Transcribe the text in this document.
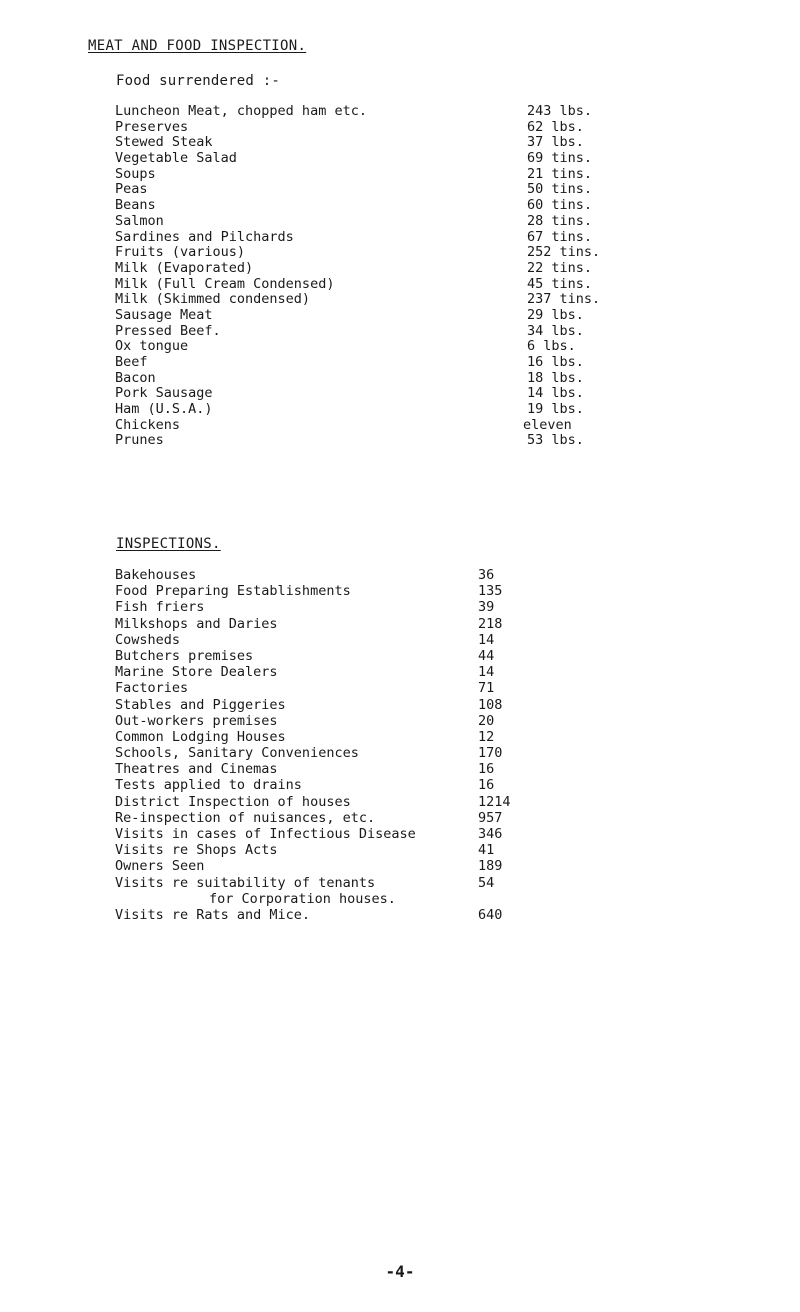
MEAT AND FOOD INSPECTION.
Food surrendered :-
Luncheon Meat, chopped ham etc.	243 lbs.
Preserves	62 lbs.
Stewed Steak	37 lbs.
Vegetable Salad	69 tins.
Soups	21 tins.
Peas	50 tins.
Beans	60 tins.
Salmon	28 tins.
Sardines and Pilchards	67 tins.
Fruits (various)	252 tins.
Milk (Evaporated)	22 tins.
Milk (Full Cream Condensed)	45 tins.
Milk (Skimmed condensed)	237 tins.
Sausage Meat	29 lbs.
Pressed Beef.	34 lbs.
Ox tongue	6 lbs.
Beef	16 lbs.
Bacon	18 lbs.
Pork Sausage	14 lbs.
Ham (U.S.A.)	19 lbs.
Chickens	eleven
Prunes	53 lbs.
INSPECTIONS.
Bakehouses	36
Food Preparing Establishments	135
Fish friers	39
Milkshops and Daries	218
Cowsheds	14
Butchers premises	44
Marine Store Dealers	14
Factories	71
Stables and Piggeries	108
Out-workers premises	20
Common Lodging Houses	12
Schools, Sanitary Conveniences	170
Theatres and Cinemas	16
Tests applied to drains	16
District Inspection of houses	1214
Re-inspection of nuisances, etc.	957
Visits in cases of Infectious Disease	346
Visits re Shops Acts	41
Owners Seen	189
Visits re suitability of tenants	54
for Corporation houses.
Visits re Rats and Mice.	640
-4-
